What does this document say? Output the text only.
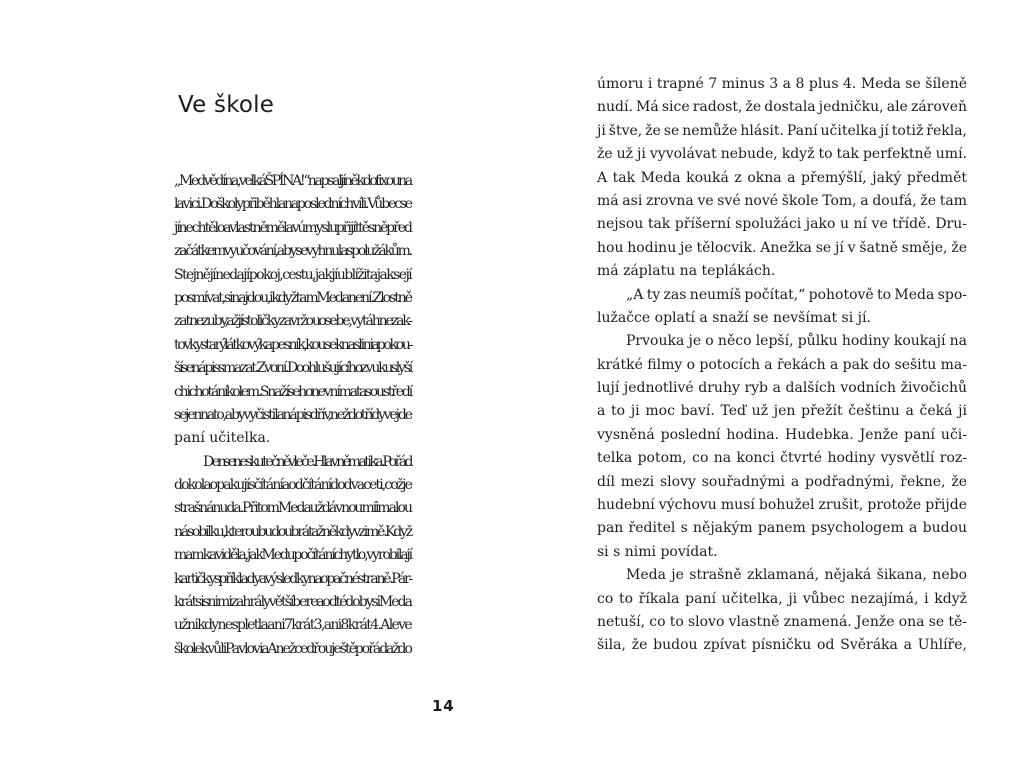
Ve škole
„Medvědína, velká ŠPÍNA!“ napsal jí někdo fixou na
lavici. Do školy přiběhla na poslední chvíli. Vůbec se
jí nechtělo a vlastně měla v úmyslu přijít těsně před
začátkem vyučování, aby se vyhnula spolužákům.
Stejně jí nedají pokoj, cestu, jak jí ublížit a jak se jí
posmívat, si najdou, i když tam Meda není. Zlostně
zatne zuby, až jí stoličky zavržou o sebe, vytáhne z ak-
tovky starý látkový kapesník, kousek naslini a pokou-
ší se nápis smazat. Zvoní. Do ohlušujícího zvuku slyší
chichotání kolem. Snaží se ho nevnímat a soustředí
se jen na to, aby vyčistila nápis dřív, než do třídy vejde
paní učitelka.
Den se neskutečně vleče. Hlavně matika. Pořád
dokola opakují sčítání a odčítání do dvaceti, což je
strašná nuda. Přitom Meda už dávno umí i malou
násobilku, kterou budou brát až někdy v zimě. Když
mamka viděla, jak Medu počítání chytlo, vyrobila jí
kartičky s příklady a výsledky na opačné straně. Pár-
krát si s nimi zahrály větší bere a od té doby si Meda
už nikdy nespletla ani 7 krát 3, ani 8 krát 4. Ale ve
škole kvůli Pavlovi a Anežce dřou ještě pořád až do
úmoru i trapné 7 minus 3 a 8 plus 4. Meda se šíleně
nudí. Má sice radost, že dostala jedničku, ale zároveň
ji štve, že se nemůže hlásit. Paní učitelka jí totiž řekla,
že už ji vyvolávat nebude, když to tak perfektně umí.
A tak Meda kouká z okna a přemýšlí, jaký předmět
má asi zrovna ve své nové škole Tom, a doufá, že tam
nejsou tak příšerní spolužáci jako u ní ve třídě. Dru-
hou hodinu je tělocvik. Anežka se jí v šatně směje, že
má záplatu na teplákách.
„A ty zas neumíš počítat,“ pohotově to Meda spo-
lužačce oplatí a snaží se nevšímat si jí.
Prvouka je o něco lepší, půlku hodiny koukají na
krátké filmy o potocích a řekách a pak do sešitu ma-
lují jednotlivé druhy ryb a dalších vodních živočichů
a to ji moc baví. Teď už jen přežít češtinu a čeká ji
vysněná poslední hodina. Hudebka. Jenže paní uči-
telka potom, co na konci čtvrté hodiny vysvětlí roz-
díl mezi slovy souřadnými a podřadnými, řekne, že
hudební výchovu musí bohužel zrušit, protože přijde
pan ředitel s nějakým panem psychologem a budou
si s nimi povídat.
Meda je strašně zklamaná, nějaká šikana, nebo
co to říkala paní učitelka, ji vůbec nezajímá, i když
netuší, co to slovo vlastně znamená. Jenže ona se tě-
šila, že budou zpívat písničku od Svěráka a Uhlíře,
14
